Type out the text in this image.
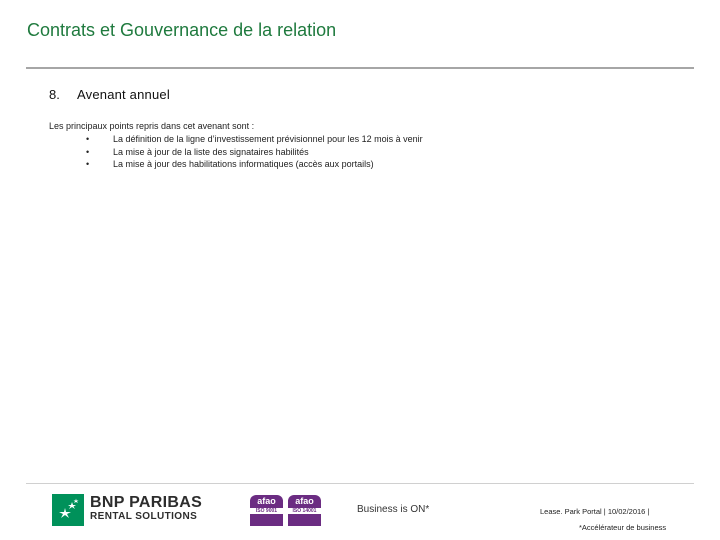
Contrats et Gouvernance de la relation
8. Avenant annuel
Les principaux points repris dans cet avenant sont :
•	La définition de la ligne d’investissement prévisionnel pour les 12 mois à venir
•	La mise à jour de la liste des signataires habilités
•	La mise à jour des habilitations informatiques (accès aux portails)
BNP PARIBAS
RENTAL SOLUTIONS
afao
ISO 9001
afao
ISO 14001	Business is ON*	Lease. Park Portal | 10/02/2016 |
*Accélérateur de business
